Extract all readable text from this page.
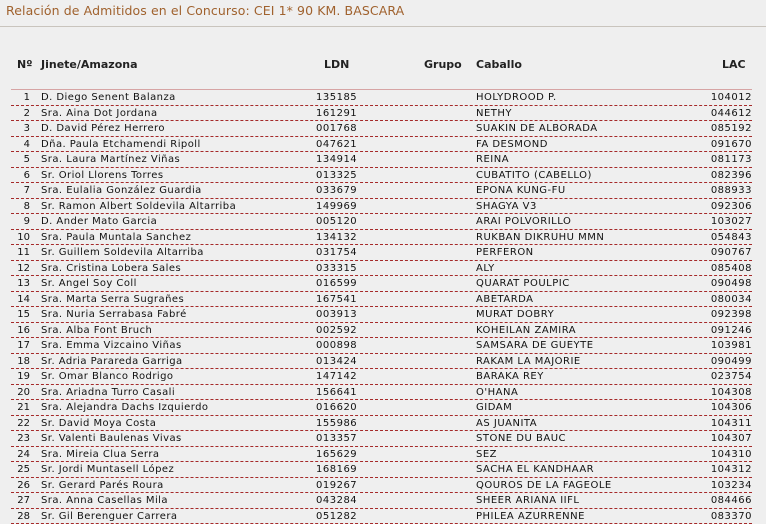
Relación de Admitidos en el Concurso: CEI 1* 90 KM. BASCARA
Nº Jinete/Amazona	LDN	Grupo Caballo	LAC
1 D. Diego Senent Balanza	135185	HOLYDROOD P.	104012
2 Sra. Aina Dot Jordana	161291	NETHY	044612
3 D. David Pérez Herrero	001768	SUAKIN DE ALBORADA	085192
4 Dña. Paula Etchamendi Ripoll	047621	FA DESMOND	091670
5 Sra. Laura Martínez Viñas	134914	REINA	081173
6 Sr. Oriol Llorens Torres	013325	CUBATITO (CABELLO)	082396
7 Sra. Eulalia González Guardia	033679	EPONA KUNG-FU	088933
8 Sr. Ramon Albert Soldevila Altarriba	149969	SHAGYA V3	092306
9 D. Ander Mato Garcia	005120	ARAI POLVORILLO	103027
10 Sra. Paula Muntala Sanchez	134132	RUKBAN DIKRUHU MMN	054843
11 Sr. Guillem Soldevila Altarriba	031754	PERFERON	090767
12 Sra. Cristina Lobera Sales	033315	ALY	085408
13 Sr. Angel Soy Coll	016599	QUARAT POULPIC	090498
14 Sra. Marta Serra Sugrañes	167541	ABETARDA	080034
15 Sra. Nuria Serrabasa Fabré	003913	MURAT DOBRY	092398
16 Sra. Alba Font Bruch	002592	KOHEILAN ZAMIRA	091246
17 Sra. Emma Vizcaino Viñas	000898	SAMSARA DE GUEYTE	103981
18 Sr. Adria Parareda Garriga	013424	RAKAM LA MAJORIE	090499
19 Sr. Omar Blanco Rodrigo	147142	BARAKA REY	023754
20 Sra. Ariadna Turro Casali	156641	O'HANA	104308
21 Sra. Alejandra Dachs Izquierdo	016620	GIDAM	104306
22 Sr. David Moya Costa	155986	AS JUANITA	104311
23 Sr. Valenti Baulenas Vivas	013357	STONE DU BAUC	104307
24 Sra. Mireia Clua Serra	165629	SEZ	104310
25 Sr. Jordi Muntasell López	168169	SACHA EL KANDHAAR	104312
26 Sr. Gerard Parés Roura	019267	QOUROS DE LA FAGEOLE	103234
27 Sra. Anna Casellas Mila	043284	SHEER ARIANA IIFL	084466
28 Sr. Gil Berenguer Carrera	051282	PHILEA AZURRENNE	083370
